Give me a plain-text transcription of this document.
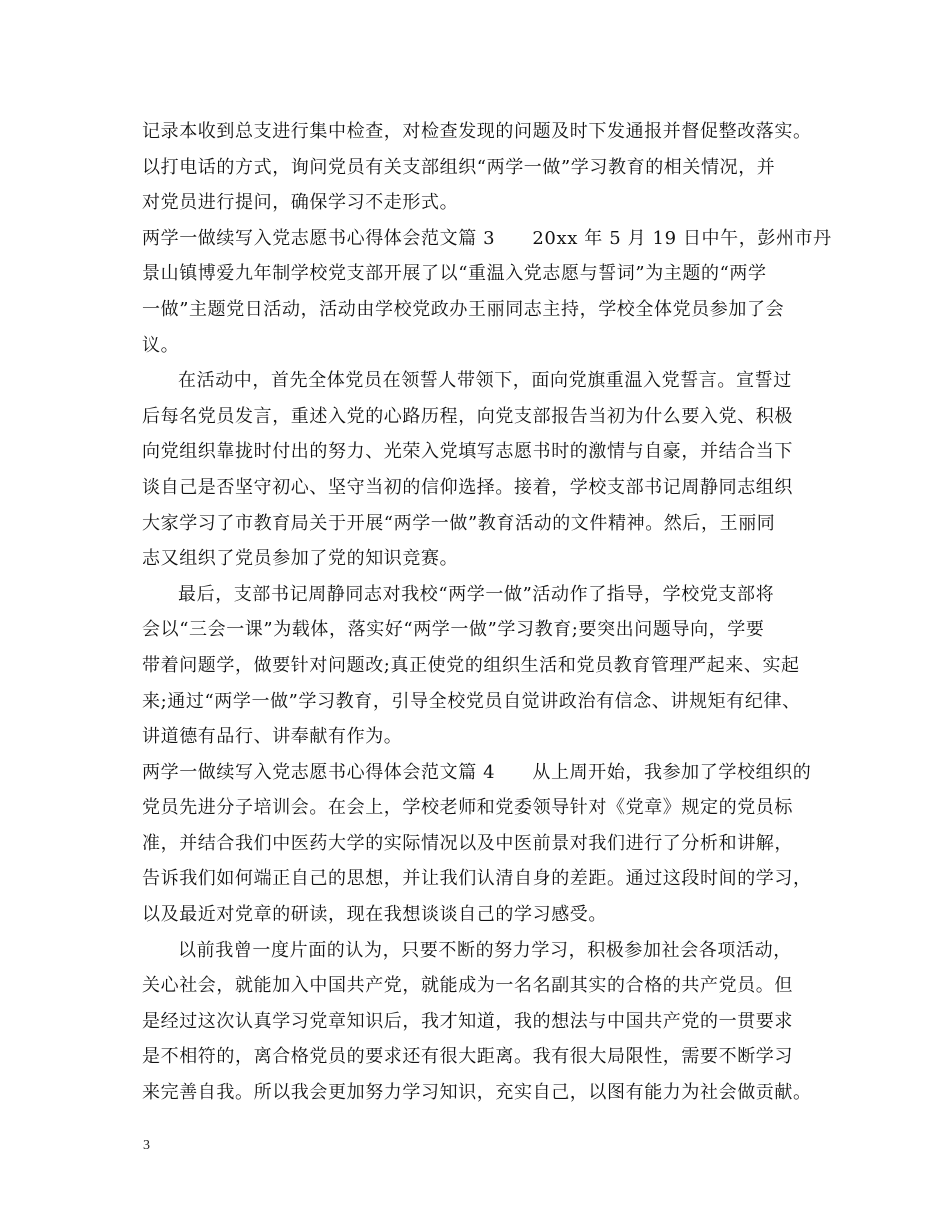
记录本收到总支进行集中检查，对检查发现的问题及时下发通报并督促整改落实。
以打电话的方式，询问党员有关支部组织“两学一做”学习教育的相关情况，并
对党员进行提问，确保学习不走形式。
两学一做续写入党志愿书心得体会范文篇 3　　20xx 年 5 月 19 日中午，彭州市丹
景山镇博爱九年制学校党支部开展了以“重温入党志愿与誓词”为主题的“两学
一做”主题党日活动，活动由学校党政办王丽同志主持，学校全体党员参加了会
议。
在活动中，首先全体党员在领誓人带领下，面向党旗重温入党誓言。宣誓过
后每名党员发言，重述入党的心路历程，向党支部报告当初为什么要入党、积极
向党组织靠拢时付出的努力、光荣入党填写志愿书时的激情与自豪，并结合当下
谈自己是否坚守初心、坚守当初的信仰选择。接着，学校支部书记周静同志组织
大家学习了市教育局关于开展“两学一做”教育活动的文件精神。然后，王丽同
志又组织了党员参加了党的知识竞赛。
最后，支部书记周静同志对我校“两学一做”活动作了指导，学校党支部将
会以“三会一课”为载体，落实好“两学一做”学习教育;要突出问题导向，学要
带着问题学，做要针对问题改;真正使党的组织生活和党员教育管理严起来、实起
来;通过“两学一做”学习教育，引导全校党员自觉讲政治有信念、讲规矩有纪律、
讲道德有品行、讲奉献有作为。
两学一做续写入党志愿书心得体会范文篇 4　　从上周开始，我参加了学校组织的
党员先进分子培训会。在会上，学校老师和党委领导针对《党章》规定的党员标
准，并结合我们中医药大学的实际情况以及中医前景对我们进行了分析和讲解，
告诉我们如何端正自己的思想，并让我们认清自身的差距。通过这段时间的学习，
以及最近对党章的研读，现在我想谈谈自己的学习感受。
以前我曾一度片面的认为，只要不断的努力学习，积极参加社会各项活动，
关心社会，就能加入中国共产党，就能成为一名名副其实的合格的共产党员。但
是经过这次认真学习党章知识后，我才知道，我的想法与中国共产党的一贯要求
是不相符的，离合格党员的要求还有很大距离。我有很大局限性，需要不断学习
来完善自我。所以我会更加努力学习知识，充实自己，以图有能力为社会做贡献。
3
